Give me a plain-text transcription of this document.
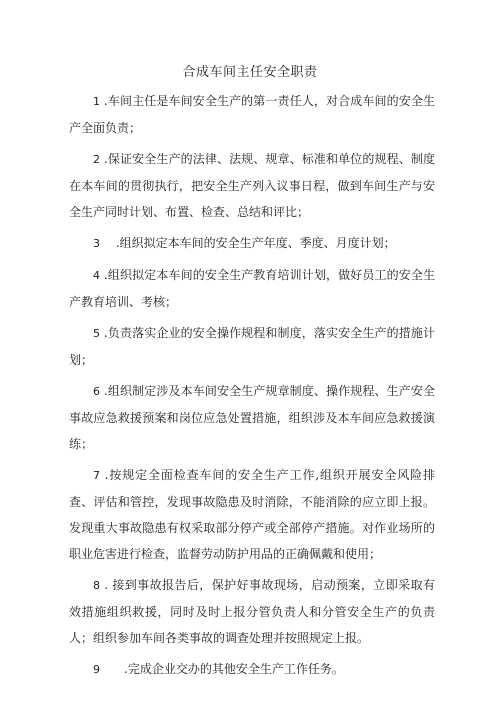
合成车间主任安全职责

1 .车间主任是车间安全生产的第一责任人，对合成车间的安全生产全面负责；

2 .保证安全生产的法律、法规、规章、标准和单位的规程、制度在本车间的贯彻执行，把安全生产列入议事日程，做到车间生产与安全生产同时计划、布置、检查、总结和评比；

3　 .组织拟定本车间的安全生产年度、季度、月度计划；

4 .组织拟定本车间的安全生产教育培训计划，做好员工的安全生产教育培训、考核；

5 .负责落实企业的安全操作规程和制度，落实安全生产的措施计划；

6 .组织制定涉及本车间安全生产规章制度、操作规程、生产安全事故应急救援预案和岗位应急处置措施，组织涉及本车间应急救援演练；

7 .按规定全面检查车间的安全生产工作,组织开展安全风险排查、评估和管控，发现事故隐患及时消除，不能消除的应立即上报。发现重大事故隐患有权采取部分停产或全部停产措施。对作业场所的职业危害进行检查，监督劳动防护用品的正确佩戴和使用；

8 . 接到事故报告后，保护好事故现场，启动预案，立即采取有效措施组织救援，同时及时上报分管负责人和分管安全生产的负责人；组织参加车间各类事故的调查处理并按照规定上报。

9　　.完成企业交办的其他安全生产工作任务。
